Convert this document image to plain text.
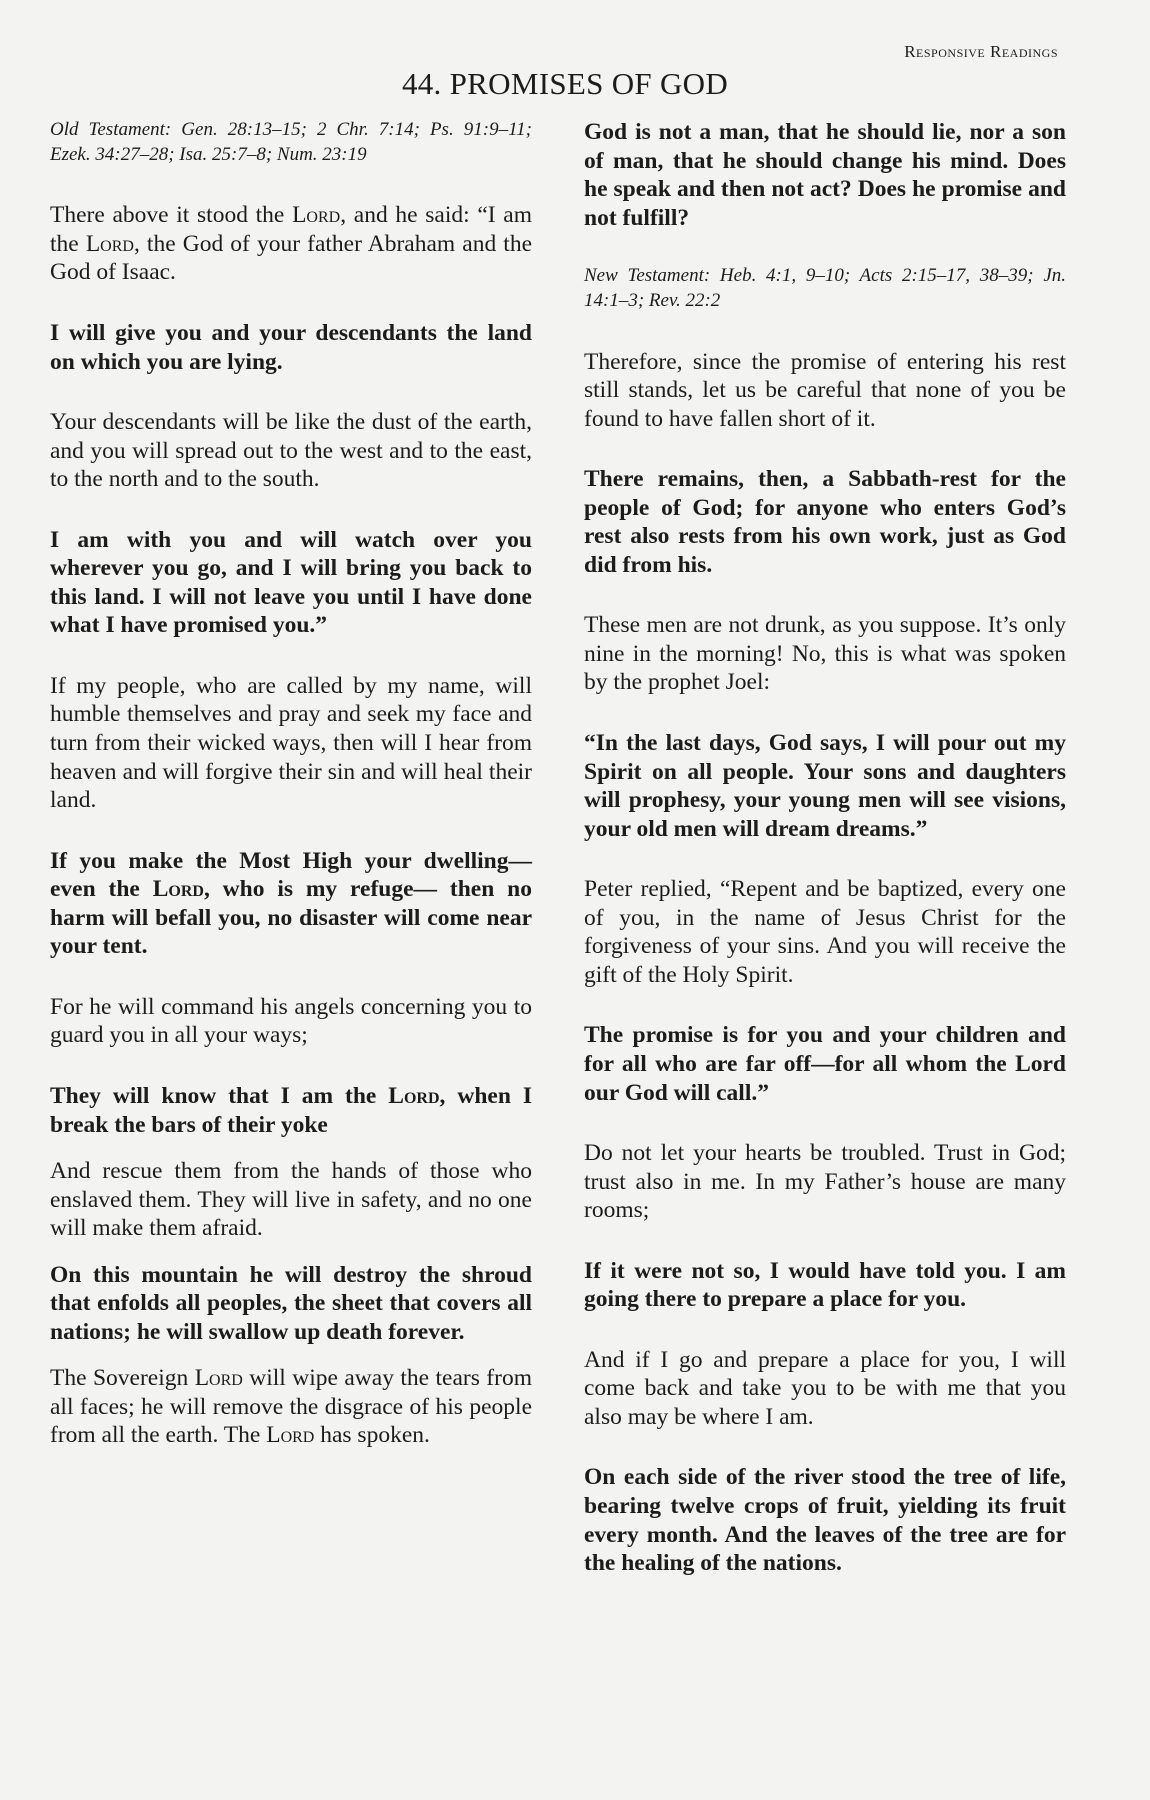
Responsive Readings
44. PROMISES OF GOD

Old Testament: Gen. 28:13–15; 2 Chr. 7:14; Ps. 91:9–11; Ezek. 34:27–28; Isa. 25:7–8; Num. 23:19

There above it stood the Lord, and he said: “I am the Lord, the God of your father Abraham and the God of Isaac.

I will give you and your descendants the land on which you are lying.

Your descendants will be like the dust of the earth, and you will spread out to the west and to the east, to the north and to the south.

I am with you and will watch over you wherever you go, and I will bring you back to this land. I will not leave you until I have done what I have promised you.”

If my people, who are called by my name, will humble themselves and pray and seek my face and turn from their wicked ways, then will I hear from heaven and will forgive their sin and will heal their land.

If you make the Most High your dwelling— even the Lord, who is my refuge— then no harm will befall you, no disaster will come near your tent.

For he will command his angels concerning you to guard you in all your ways;

They will know that I am the Lord, when I break the bars of their yoke

And rescue them from the hands of those who enslaved them. They will live in safety, and no one will make them afraid.

On this mountain he will destroy the shroud that enfolds all peoples, the sheet that covers all nations; he will swallow up death forever.

The Sovereign Lord will wipe away the tears from all faces; he will remove the disgrace of his people from all the earth. The Lord has spoken.

God is not a man, that he should lie, nor a son of man, that he should change his mind. Does he speak and then not act? Does he promise and not fulfill?

New Testament: Heb. 4:1, 9–10; Acts 2:15–17, 38–39; Jn. 14:1–3; Rev. 22:2

Therefore, since the promise of entering his rest still stands, let us be careful that none of you be found to have fallen short of it.

There remains, then, a Sabbath-rest for the people of God; for anyone who enters God’s rest also rests from his own work, just as God did from his.

These men are not drunk, as you suppose. It’s only nine in the morning! No, this is what was spoken by the prophet Joel:

“In the last days, God says, I will pour out my Spirit on all people. Your sons and daughters will prophesy, your young men will see visions, your old men will dream dreams.”

Peter replied, “Repent and be baptized, every one of you, in the name of Jesus Christ for the forgiveness of your sins. And you will receive the gift of the Holy Spirit.

The promise is for you and your children and for all who are far off—for all whom the Lord our God will call.”

Do not let your hearts be troubled. Trust in God; trust also in me. In my Father’s house are many rooms;

If it were not so, I would have told you. I am going there to prepare a place for you.

And if I go and prepare a place for you, I will come back and take you to be with me that you also may be where I am.

On each side of the river stood the tree of life, bearing twelve crops of fruit, yielding its fruit every month. And the leaves of the tree are for the healing of the nations.
